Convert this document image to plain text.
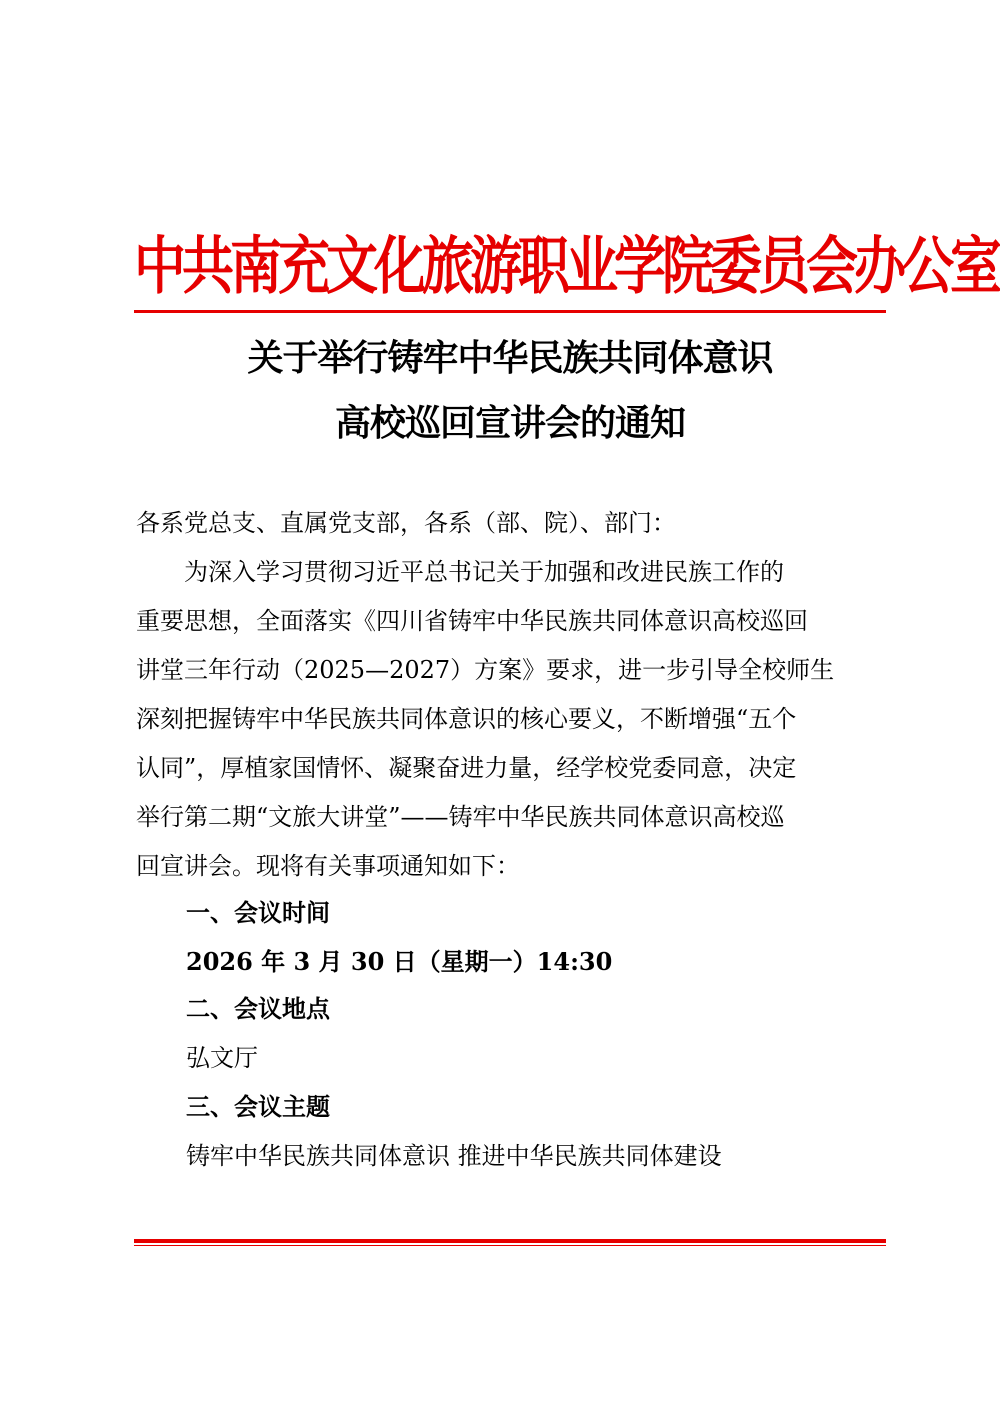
中共南充文化旅游职业学院委员会办公室
关于举行铸牢中华民族共同体意识
高校巡回宣讲会的通知
各系党总支、直属党支部，各系（部、院）、部门：
为深入学习贯彻习近平总书记关于加强和改进民族工作的
重要思想，全面落实《四川省铸牢中华民族共同体意识高校巡回
讲堂三年行动（2025—2027）方案》要求，进一步引导全校师生
深刻把握铸牢中华民族共同体意识的核心要义，不断增强“五个
认同”，厚植家国情怀、凝聚奋进力量，经学校党委同意，决定
举行第二期“文旅大讲堂”——铸牢中华民族共同体意识高校巡
回宣讲会。现将有关事项通知如下：
一、会议时间
2026 年 3 月 30 日（星期一）14:30
二、会议地点
弘文厅
三、会议主题
铸牢中华民族共同体意识 推进中华民族共同体建设
